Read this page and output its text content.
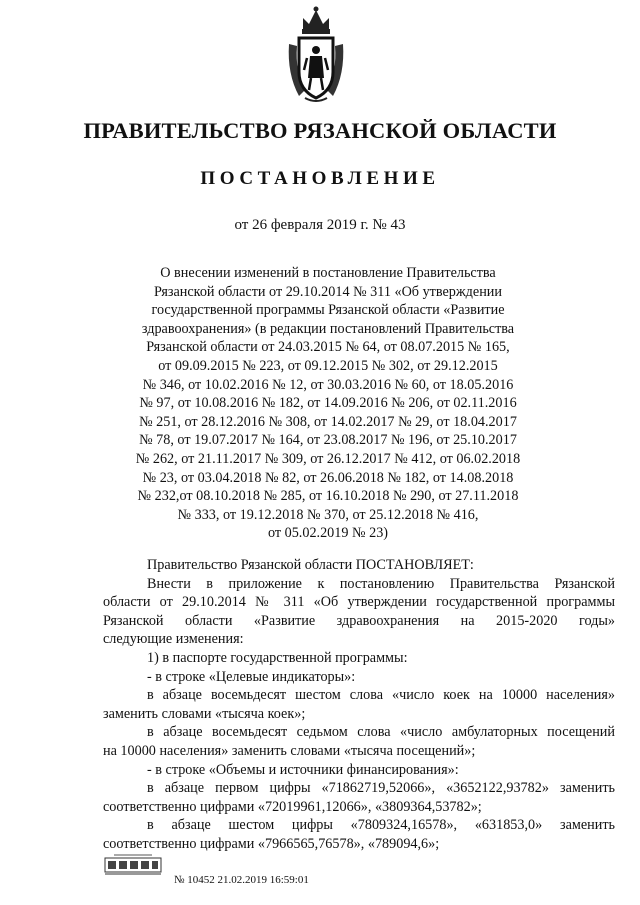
ПРАВИТЕЛЬСТВО РЯЗАНСКОЙ ОБЛАСТИ
ПОСТАНОВЛЕНИЕ
от 26 февраля 2019 г. № 43
О внесении изменений в постановление Правительства
Рязанской области от 29.10.2014 № 311 «Об утверждении
государственной программы Рязанской области «Развитие
здравоохранения» (в редакции постановлений Правительства
Рязанской области от 24.03.2015 № 64, от 08.07.2015 № 165,
от 09.09.2015 № 223, от 09.12.2015 № 302, от 29.12.2015
№ 346, от 10.02.2016 № 12, от 30.03.2016 № 60, от 18.05.2016
№ 97, от 10.08.2016 № 182, от 14.09.2016 № 206, от 02.11.2016
№ 251, от 28.12.2016 № 308, от 14.02.2017 № 29, от 18.04.2017
№ 78, от 19.07.2017 № 164, от 23.08.2017 № 196, от 25.10.2017
№ 262, от 21.11.2017 № 309, от 26.12.2017 № 412, от 06.02.2018
№ 23, от 03.04.2018 № 82, от 26.06.2018 № 182, от 14.08.2018
№ 232,от 08.10.2018 № 285, от 16.10.2018 № 290, от 27.11.2018
№ 333, от 19.12.2018 № 370, от 25.12.2018 № 416,
от 05.02.2019 № 23)
Правительство Рязанской области ПОСТАНОВЛЯЕТ:
Внести в приложение к постановлению Правительства Рязанской
области от 29.10.2014 № 311 «Об утверждении государственной программы
Рязанской области «Развитие здравоохранения на 2015-2020 годы»
следующие изменения:
1) в паспорте государственной программы:
- в строке «Целевые индикаторы»:
в абзаце восемьдесят шестом слова «число коек на 10000 населения»
заменить словами «тысяча коек»;
в абзаце восемьдесят седьмом слова «число амбулаторных посещений
на 10000 населения» заменить словами «тысяча посещений»;
- в строке «Объемы и источники финансирования»:
в абзаце первом цифры «71862719,52066», «3652122,93782» заменить
соответственно цифрами «72019961,12066», «3809364,53782»;
в абзаце шестом цифры «7809324,16578», «631853,0» заменить
соответственно цифрами «7966565,76578», «789094,6»;
№ 10452 21.02.2019 16:59:01
